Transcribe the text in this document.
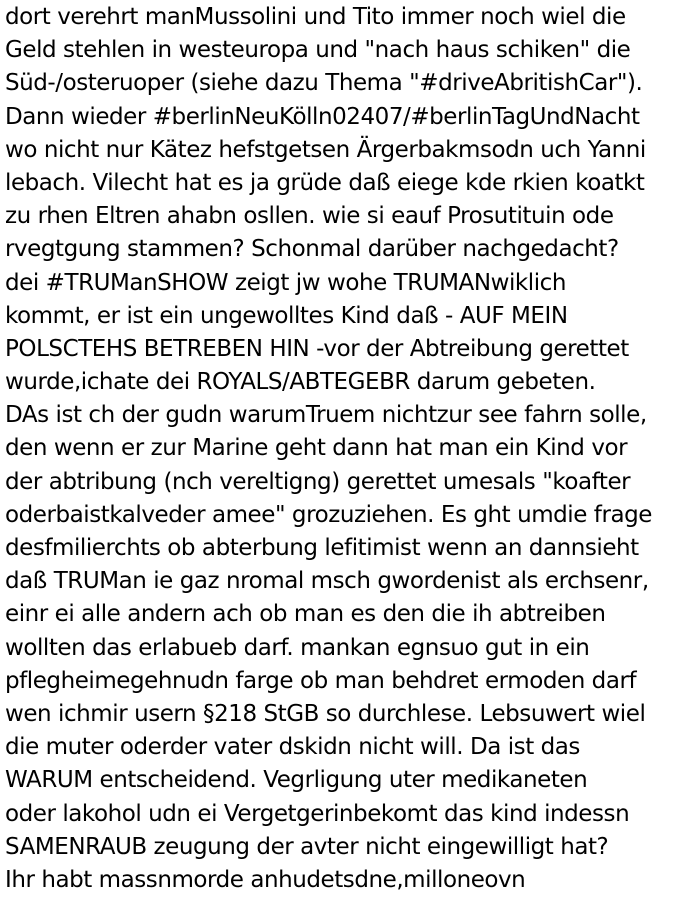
dort verehrt manMussolini und Tito immer noch wiel die
Geld stehlen in westeuropa und "nach haus schiken" die
Süd-/osteruoper (siehe dazu Thema "#driveAbritishCar").
Dann wieder #berlinNeuKölln02407/#berlinTagUndNacht
wo nicht nur Kätez hefstgetsen Ärgerbakmsodn uch Yanni
lebach. Vilecht hat es ja grüde daß eiege kde rkien koatkt
zu rhen Eltren ahabn osllen. wie si eauf Prosutituin ode
rvegtgung stammen? Schonmal darüber nachgedacht?
dei #TRUManSHOW zeigt jw wohe TRUMANwiklich
kommt, er ist ein ungewolltes Kind daß - AUF MEIN
POLSCTEHS BETREBEN HIN -vor der Abtreibung gerettet
wurde,ichate dei ROYALS/ABTEGEBR darum gebeten.
DAs ist ch der gudn warumTruem nichtzur see fahrn solle,
den wenn er zur Marine geht dann hat man ein Kind vor
der abtribung (nch vereltigng) gerettet umesals "koafter
oderbaistkalveder amee" grozuziehen. Es ght umdie frage
desfmilierchts ob abterbung lefitimist wenn an dannsieht
daß TRUMan ie gaz nromal msch gwordenist als erchsenr,
einr ei alle andern ach ob man es den die ih abtreiben
wollten das erlabueb darf. mankan egnsuo gut in ein
pflegheimegehnudn farge ob man behdret ermoden darf
wen ichmir usern §218 StGB so durchlese. Lebsuwert wiel
die muter oderder vater dskidn nicht will. Da ist das
WARUM entscheidend. Vegrligung uter medikaneten
oder lakohol udn ei Vergetgerinbekomt das kind indessn
SAMENRAUB zeugung der avter nicht eingewilligt hat?
Ihr habt massnmorde anhudetsdne,milloneovn
